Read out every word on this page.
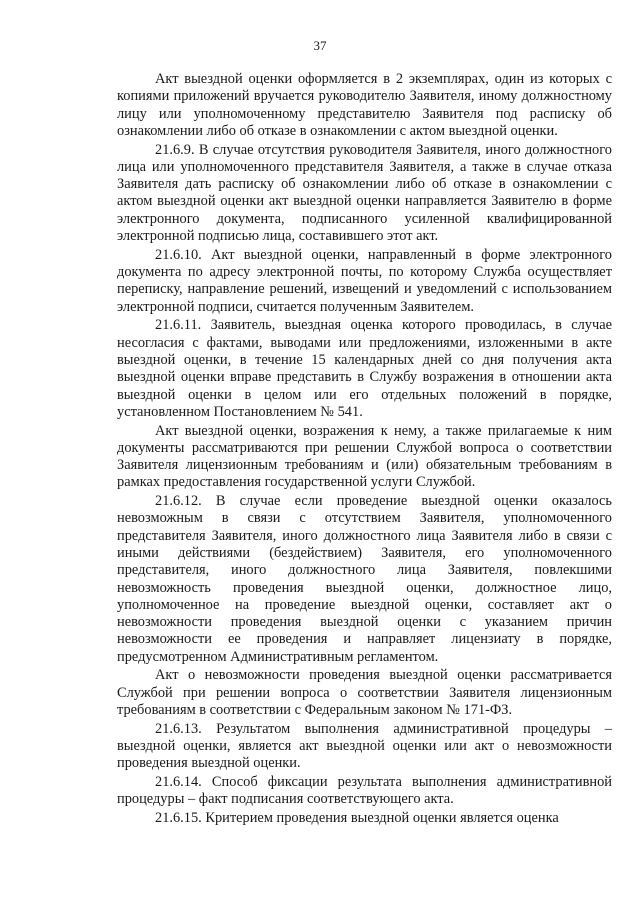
37

Акт выездной оценки оформляется в 2 экземплярах, один из которых с копиями приложений вручается руководителю Заявителя, иному должностному лицу или уполномоченному представителю Заявителя под расписку об ознакомлении либо об отказе в ознакомлении с актом выездной оценки.

21.6.9. В случае отсутствия руководителя Заявителя, иного должностного лица или уполномоченного представителя Заявителя, а также в случае отказа Заявителя дать расписку об ознакомлении либо об отказе в ознакомлении с актом выездной оценки акт выездной оценки направляется Заявителю в форме электронного документа, подписанного усиленной квалифицированной электронной подписью лица, составившего этот акт.

21.6.10. Акт выездной оценки, направленный в форме электронного документа по адресу электронной почты, по которому Служба осуществляет переписку, направление решений, извещений и уведомлений с использованием электронной подписи, считается полученным Заявителем.

21.6.11. Заявитель, выездная оценка которого проводилась, в случае несогласия с фактами, выводами или предложениями, изложенными в акте выездной оценки, в течение 15 календарных дней со дня получения акта выездной оценки вправе представить в Службу возражения в отношении акта выездной оценки в целом или его отдельных положений в порядке, установленном Постановлением № 541.

Акт выездной оценки, возражения к нему, а также прилагаемые к ним документы рассматриваются при решении Службой вопроса о соответствии Заявителя лицензионным требованиям и (или) обязательным требованиям в рамках предоставления государственной услуги Службой.

21.6.12. В случае если проведение выездной оценки оказалось невозможным в связи с отсутствием Заявителя, уполномоченного представителя Заявителя, иного должностного лица Заявителя либо в связи с иными действиями (бездействием) Заявителя, его уполномоченного представителя, иного должностного лица Заявителя, повлекшими невозможность проведения выездной оценки, должностное лицо, уполномоченное на проведение выездной оценки, составляет акт о невозможности проведения выездной оценки с указанием причин невозможности ее проведения и направляет лицензиату в порядке, предусмотренном Административным регламентом.

Акт о невозможности проведения выездной оценки рассматривается Службой при решении вопроса о соответствии Заявителя лицензионным требованиям в соответствии с Федеральным законом № 171-ФЗ.

21.6.13. Результатом выполнения административной процедуры – выездной оценки, является акт выездной оценки или акт о невозможности проведения выездной оценки.

21.6.14. Способ фиксации результата выполнения административной процедуры – факт подписания соответствующего акта.

21.6.15. Критерием проведения выездной оценки является оценка
